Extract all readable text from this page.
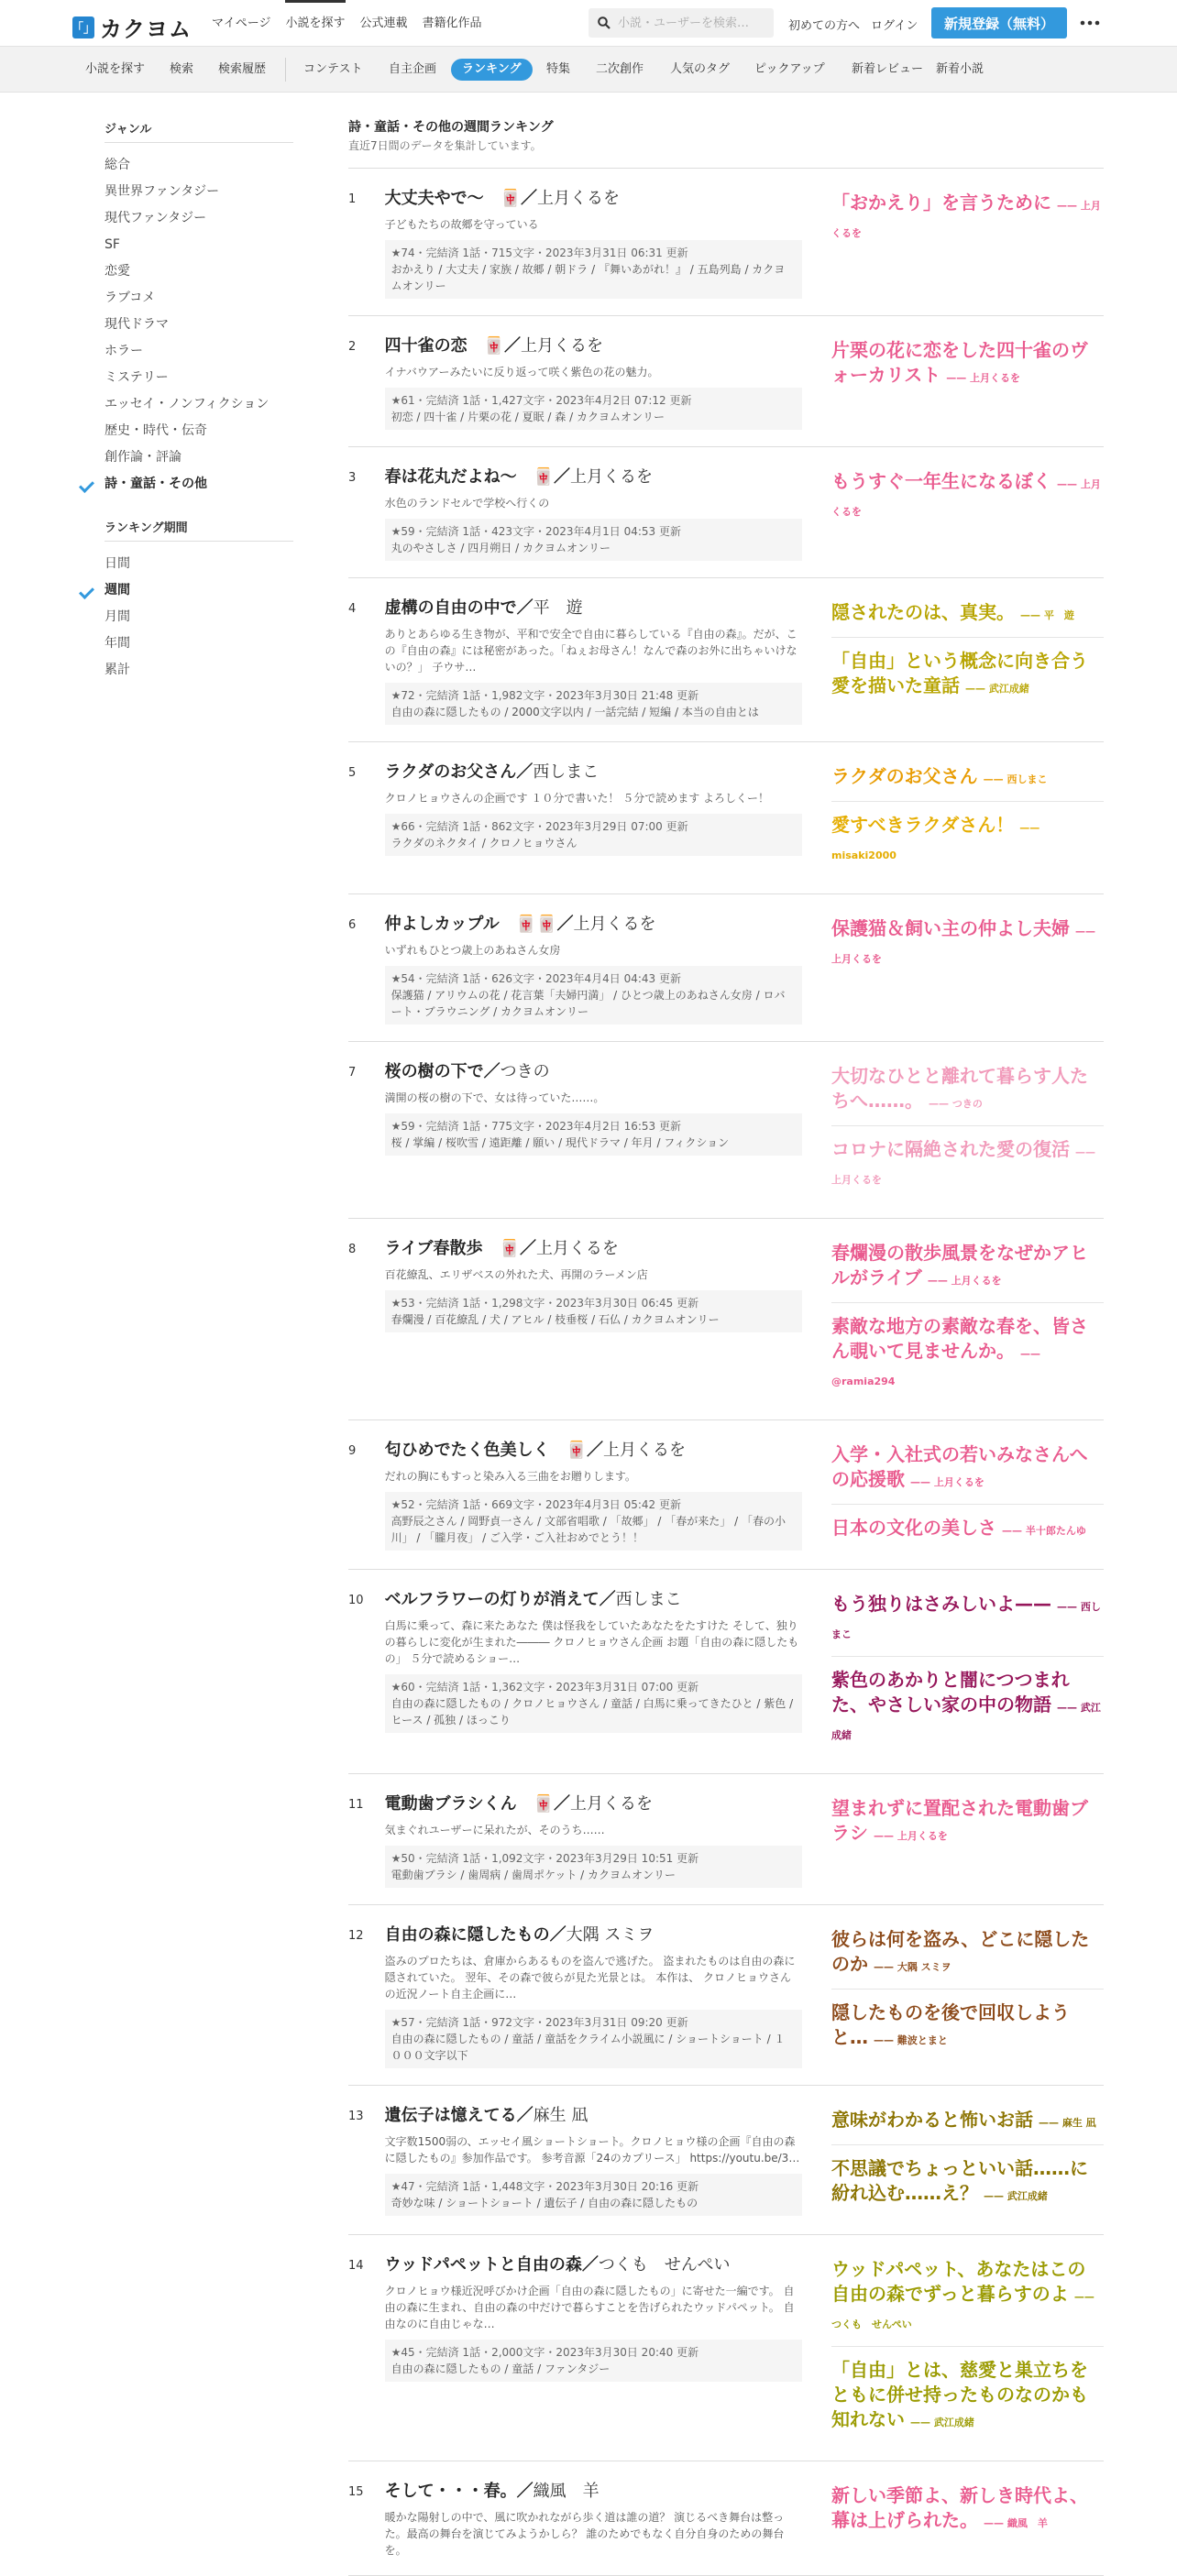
「」 カクヨム マイページ 小説を探す 公式連載 書籍化作品
小説・ユーザーを検索…	初めての方へ ログイン	新規登録（無料）
小説を探す 検索 検索履歴	コンテスト 自主企画	ランキング	特集 二次創作 人気のタグ ピックアップ 新着レビュー 新着小説
ジャンル
総合
異世界ファンタジー
現代ファンタジー
SF
恋愛
ラブコメ
現代ドラマ
ホラー
ミステリー
エッセイ・ノンフィクション
歴史・時代・伝奇
創作論・評論
詩・童話・その他
ランキング期間
日間
週間
月間
年間
累計
詩・童話・その他の週間ランキング
直近7日間のデータを集計しています。
1	大丈夫やで～　🀄／上月くるを
子どもたちの故郷を守っている
★74・完結済 1話・715文字・2023年3月31日 06:31 更新
おかえり / 大丈夫 / 家族 / 故郷 / 朝ドラ / 『舞いあがれ！』 / 五島列島 / カクヨムオンリー
「おかえり」を言うために	—— 上月くるを
2	四十雀の恋　🀄／上月くるを
イナバウアーみたいに反り返って咲く紫色の花の魅力。
★61・完結済 1話・1,427文字・2023年4月2日 07:12 更新
初恋 / 四十雀 / 片栗の花 / 夏眠 / 森 / カクヨムオンリー
片栗の花に恋をした四十雀のヴォーカリスト	—— 上月くるを
3	春は花丸だよね～　🀄／上月くるを
水色のランドセルで学校へ行くの
★59・完結済 1話・423文字・2023年4月1日 04:53 更新
丸のやさしさ / 四月朔日 / カクヨムオンリー
もうすぐ一年生になるぼく	—— 上月くるを
4	虚構の自由の中で／平　遊
ありとあらゆる生き物が、平和で安全で自由に暮らしている『自由の森』。だが、この『自由の森』には秘密があった。「ねぇお母さん！なんで森のお外に出ちゃいけないの？」 子ウサ…
★72・完結済 1話・1,982文字・2023年3月30日 21:48 更新
自由の森に隠したもの / 2000文字以内 / 一話完結 / 短編 / 本当の自由とは
隠されたのは、真実。	—— 平　遊
「自由」という概念に向き合う愛を描いた童話	—— 武江成緒
5	ラクダのお父さん／西しまこ
クロノヒョウさんの企画です １０分で書いた！ ５分で読めます よろしくー！
★66・完結済 1話・862文字・2023年3月29日 07:00 更新
ラクダのネクタイ / クロノヒョウさん
ラクダのお父さん	—— 西しまこ
愛すべきラクダさん！—— misaki2000
6	仲よしカップル　🀄🀄／上月くるを
いずれもひとつ歳上のあねさん女房
★54・完結済 1話・626文字・2023年4月4日 04:43 更新
保護猫 / アリウムの花 / 花言葉「夫婦円満」 / ひとつ歳上のあねさん女房 / ロバート・ブラウニング / カクヨムオンリー
保護猫＆飼い主の仲よし夫婦—— 上月くるを
7	桜の樹の下で／つきの
満開の桜の樹の下で、女は待っていた……。
★59・完結済 1話・775文字・2023年4月2日 16:53 更新
桜 / 掌編 / 桜吹雪 / 遠距離 / 願い / 現代ドラマ / 年月 / フィクション
大切なひとと離れて暮らす人たちへ……。	—— つきの
コロナに隔絶された愛の復活—— 上月くるを
8	ライブ春散歩　🀄／上月くるを
百花繚乱、エリザベスの外れた犬、再開のラーメン店
★53・完結済 1話・1,298文字・2023年3月30日 06:45 更新
春爛漫 / 百花繚乱 / 犬 / アヒル / 枝垂桜 / 石仏 / カクヨムオンリー
春爛漫の散歩風景をなぜかアヒルがライブ	—— 上月くるを
素敵な地方の素敵な春を、皆さん覗いて見ませんか。—— @ramia294
9	匂ひめでたく色美しく　🀄／上月くるを
だれの胸にもすっと染み入る三曲をお贈りします。
★52・完結済 1話・669文字・2023年4月3日 05:42 更新
高野辰之さん / 岡野貞一さん / 文部省唱歌 / 「故郷」 / 「春が来た」 / 「春の小川」 / 「朧月夜」 / ご入学・ご入社おめでとう！！
入学・入社式の若いみなさんへの応援歌	—— 上月くるを
日本の文化の美しさ	—— 半十郎たんゆ
10	ベルフラワーの灯りが消えて／西しまこ
白馬に乗って、森に来たあなた 僕は怪我をしていたあなたをたすけた そして、独りの暮らしに変化が生まれた――― クロノヒョウさん企画 お題「自由の森に隠したもの」 ５分で読めるショー…
★60・完結済 1話・1,362文字・2023年3月31日 07:00 更新
自由の森に隠したもの / クロノヒョウさん / 童話 / 白馬に乗ってきたひと / 紫色 / ヒース / 孤独 / ほっこり
もう独りはさみしいよ——	—— 西しまこ
紫色のあかりと闇につつまれた、やさしい家の中の物語	—— 武江成緒
11	電動歯ブラシくん　🀄／上月くるを
気まぐれユーザーに呆れたが、そのうち……
★50・完結済 1話・1,092文字・2023年3月29日 10:51 更新
電動歯ブラシ / 歯周病 / 歯周ポケット / カクヨムオンリー
望まれずに置配された電動歯ブラシ	—— 上月くるを
12	自由の森に隠したもの／大隅 スミヲ
盗みのプロたちは、倉庫からあるものを盗んで逃げた。 盗まれたものは自由の森に隠されていた。 翌年、その森で彼らが見た光景とは。 本作は、 クロノヒョウさんの近況ノート自主企画に…
★57・完結済 1話・972文字・2023年3月31日 09:20 更新
自由の森に隠したもの / 童話 / 童話をクライム小説風に / ショートショート / １０００文字以下
彼らは何を盗み、どこに隠したのか	—— 大隅 スミヲ
隠したものを後で回収しようと…	—— 難波とまと
13	遺伝子は憶えてる／麻生 凪
文字数1500弱の、エッセイ風ショートショート。クロノヒョウ様の企画『自由の森に隠したもの』参加作品です。 参考音源「24のカプリース」 https://youtu.be/3…
★47・完結済 1話・1,448文字・2023年3月30日 20:16 更新
奇妙な味 / ショートショート / 遺伝子 / 自由の森に隠したもの
意味がわかると怖いお話	—— 麻生 凪
不思議でちょっといい話……に紛れ込む……え？	—— 武江成緒
14	ウッドパペットと自由の森／つくも　せんぺい
クロノヒョウ様近況呼びかけ企画「自由の森に隠したもの」に寄せた一編です。 自由の森に生まれ、自由の森の中だけで暮らすことを告げられたウッドパペット。 自由なのに自由じゃな…
★45・完結済 1話・2,000文字・2023年3月30日 20:40 更新
自由の森に隠したもの / 童話 / ファンタジー
ウッドパペット、あなたはこの自由の森でずっと暮らすのよ—— つくも　せんぺい
「自由」とは、慈愛と巣立ちをともに併せ持ったものなのかも知れない	—— 武江成緒
15	そして・・・春。／織風　羊
暖かな陽射しの中で、風に吹かれながら歩く道は誰の道？ 演じるべき舞台は整った。最高の舞台を演じてみようかしら？ 誰のためでもなく自分自身のための舞台を。
新しい季節よ、新しき時代よ、幕は上げられた。	—— 織風　羊
